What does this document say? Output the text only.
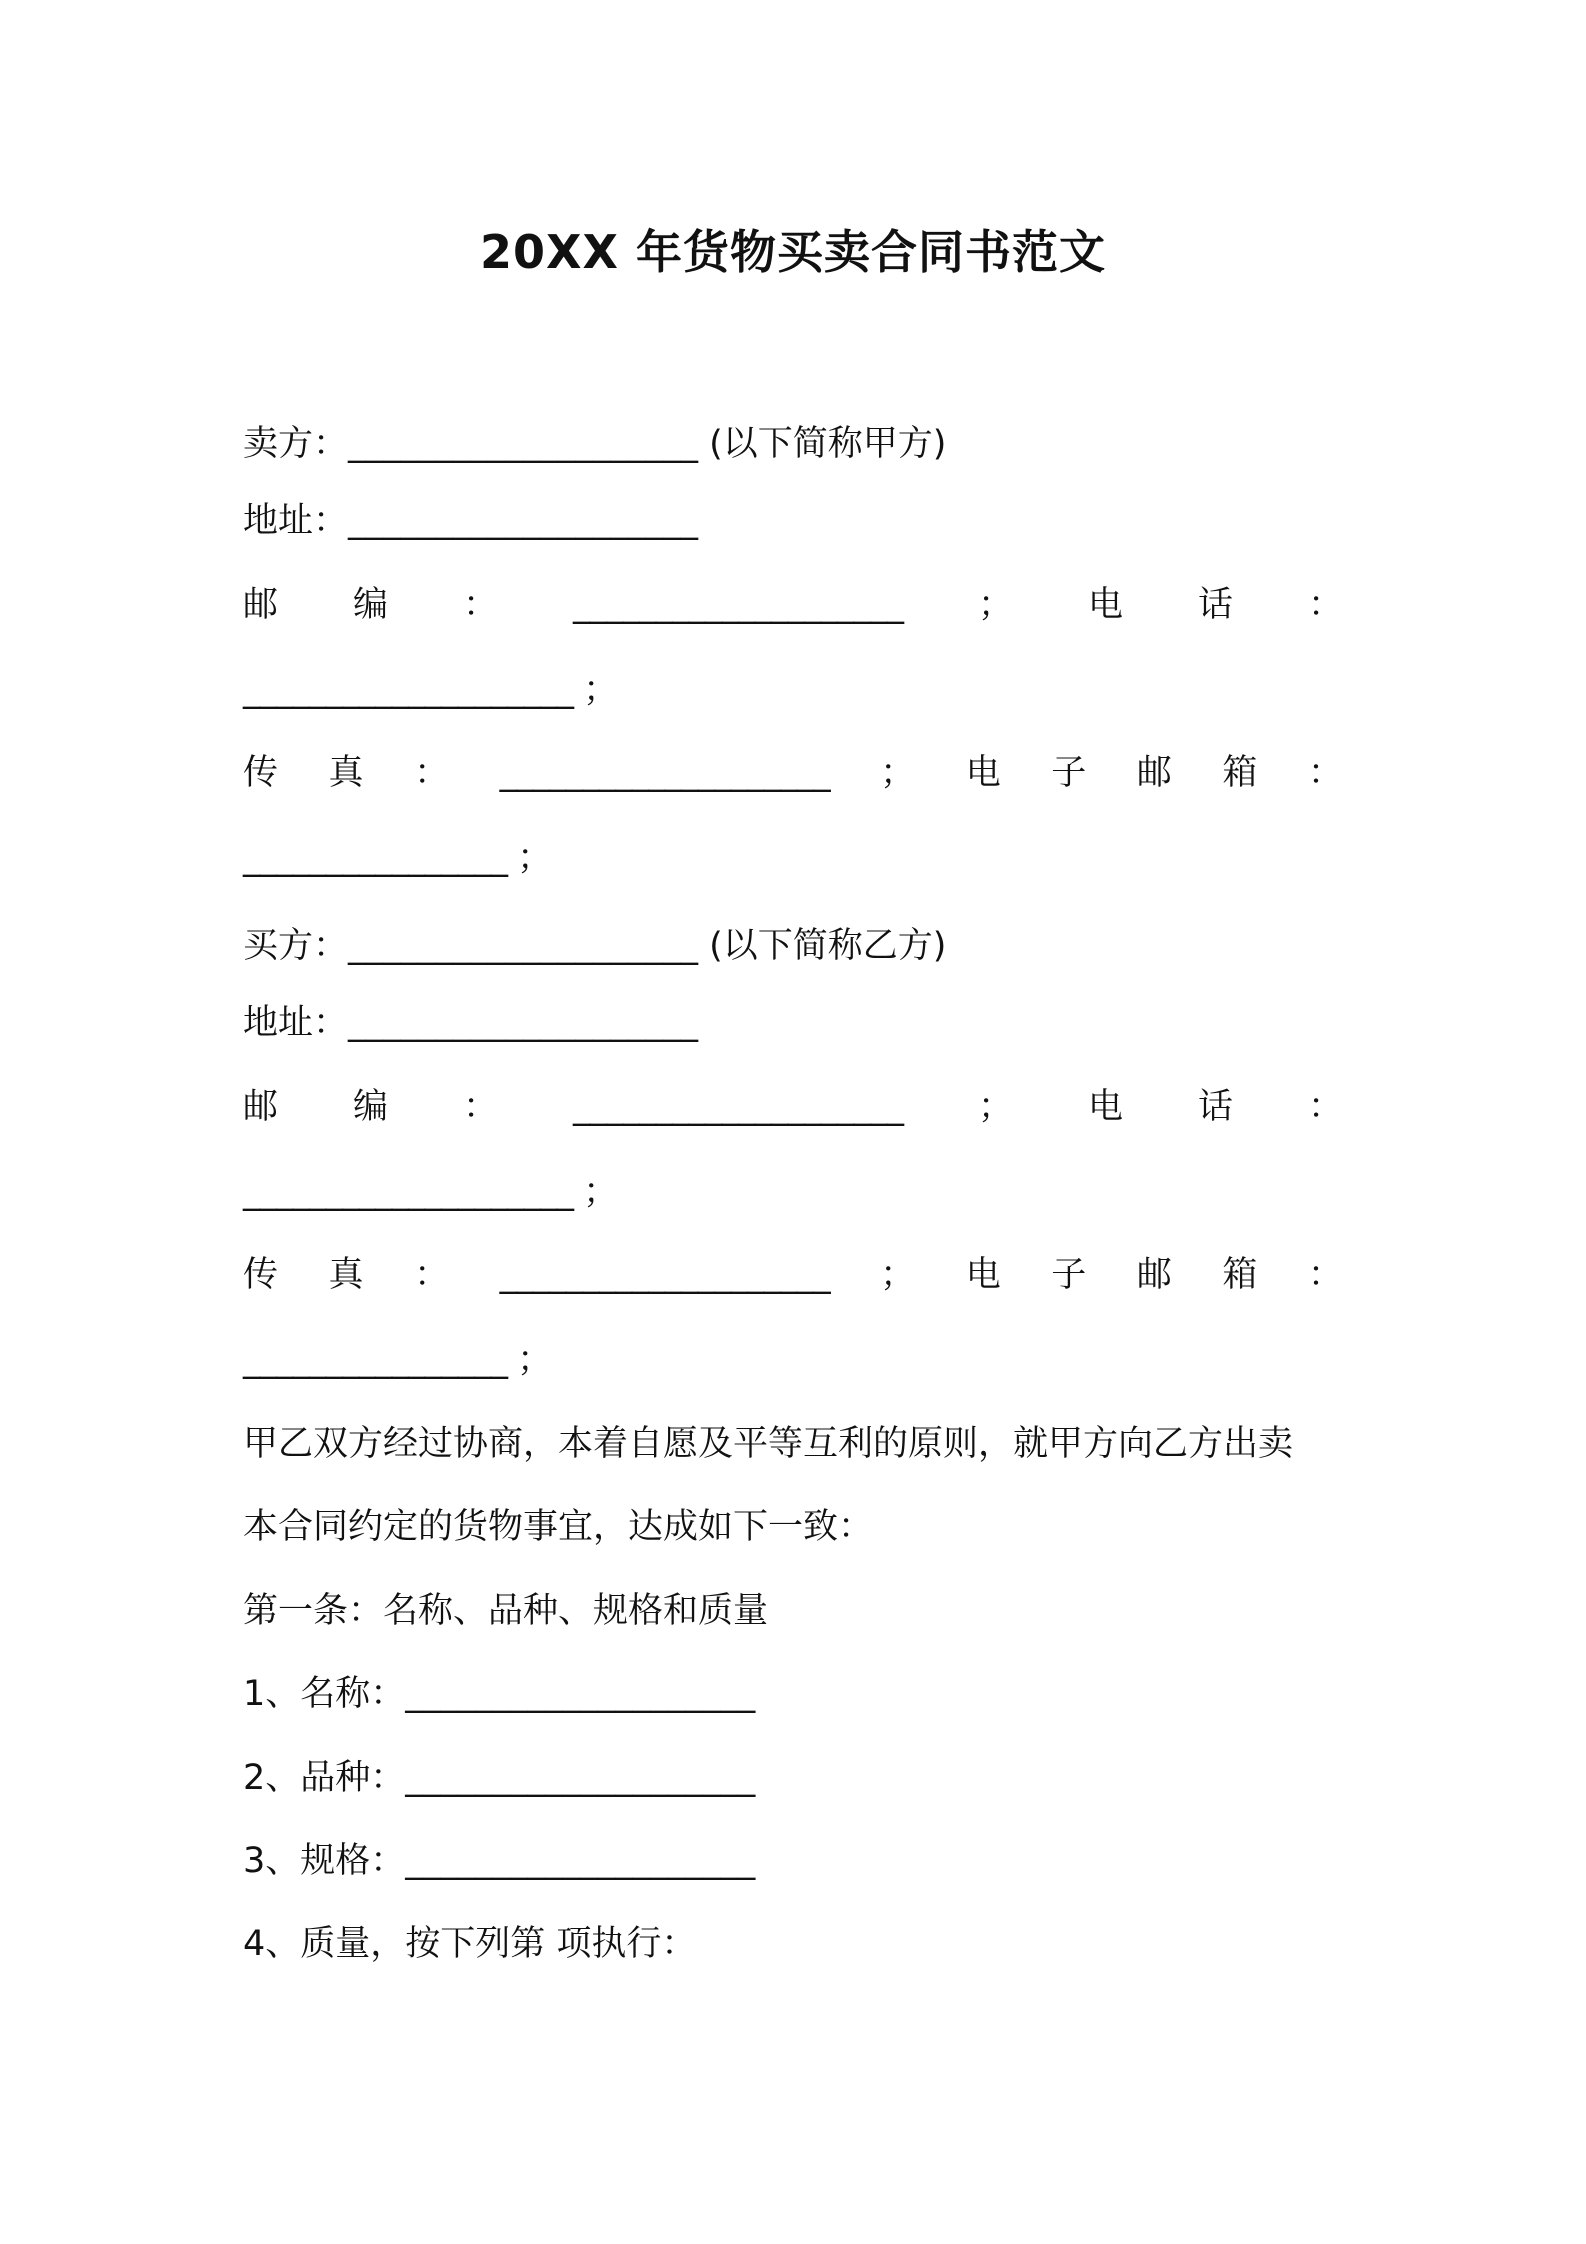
20XX 年货物买卖合同书范文
卖方：____________________ (以下简称甲方)
地址：____________________
邮 编 ： ____________________ ； 电 话 ：
____________________ ；
传 真 ： ____________________ ； 电 子 邮 箱 ：
________________ ；
买方：____________________ (以下简称乙方)
地址：____________________
邮 编 ： ____________________ ； 电 话 ：
____________________ ；
传 真 ： ____________________ ； 电 子 邮 箱 ：
________________ ；
甲乙双方经过协商，本着自愿及平等互利的原则，就甲方向乙方出卖
本合同约定的货物事宜，达成如下一致：
第一条：名称、品种、规格和质量
1、名称：____________________
2、品种：____________________
3、规格：____________________
4、质量，按下列第 项执行：
